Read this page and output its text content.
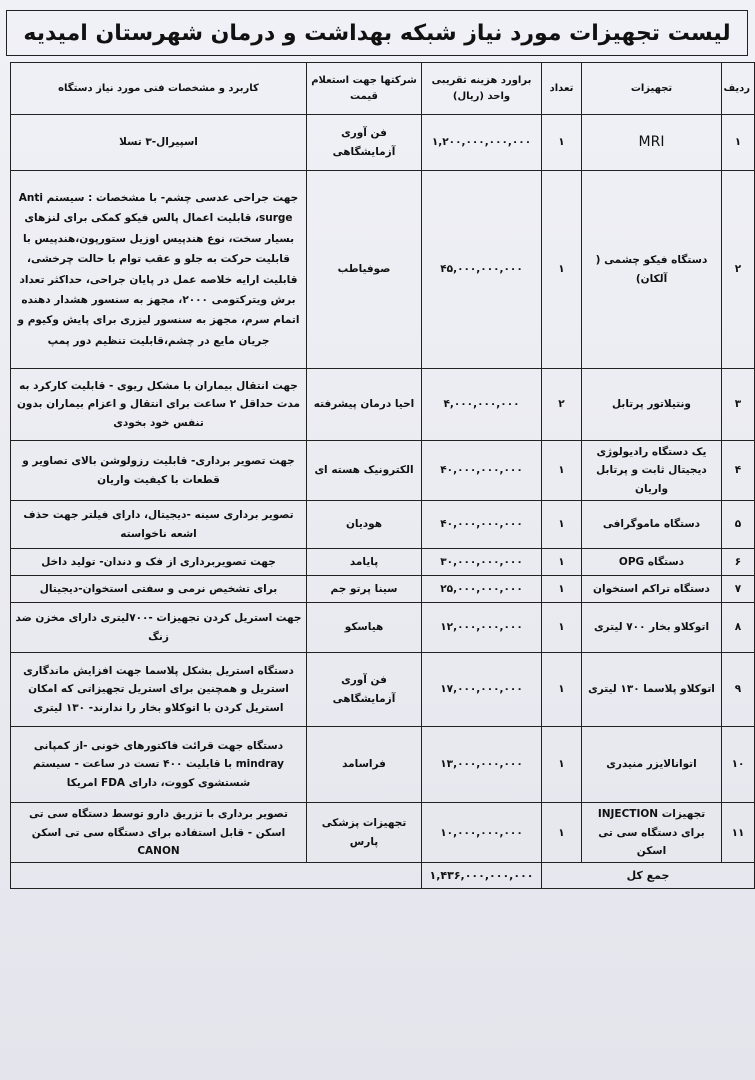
لیست تجهیزات مورد نیاز شبکه بهداشت و درمان شهرستان امیدیه
ردیف	تجهیزات	تعداد	براورد هزینه تقریبی واحد (ریال)	شرکتها جهت استعلام قیمت	کاربرد و مشخصات فنی مورد نیاز دستگاه
۱	MRI	۱	۱,۲۰۰,۰۰۰,۰۰۰,۰۰۰	فن آوری آزمایشگاهی	اسپیرال-۳ تسلا
۲	دستگاه فیکو چشمی ( آلکان)	۱	۴۵,۰۰۰,۰۰۰,۰۰۰	صوفیاطب	جهت جراحی عدسی چشم- با مشخصات : سیستم Anti surge، قابلیت اعمال پالس فیکو کمکی برای لنزهای بسیار سخت، نوع هندپیس اوزیل ستورپون،هندپیس با قابلیت حرکت به جلو و عقب توام با حالت چرخشی، قابلیت ارایه خلاصه عمل در پایان جراحی، حداکثر تعداد برش ویترکتومی ۲۰۰۰، مجهز به سنسور هشدار دهنده اتمام سرم، مجهز به سنسور لیزری برای پایش وکیوم و جریان مایع در چشم،قابلیت تنظیم دور پمپ
۳	ونتیلاتور پرتابل	۲	۴,۰۰۰,۰۰۰,۰۰۰	احیا درمان پیشرفته	جهت انتقال بیماران با مشکل ریوی - قابلیت کارکرد به مدت حداقل ۲ ساعت برای انتقال و اعزام بیماران بدون تنفس خود بخودی
۴	یک دستگاه رادیولوژی دیجیتال ثابت و پرتابل واریان	۱	۴۰,۰۰۰,۰۰۰,۰۰۰	الکترونیک هسته ای	جهت تصویر برداری- قابلیت رزولوشن بالای تصاویر و قطعات با کیفیت واریان
۵	دستگاه ماموگرافی	۱	۴۰,۰۰۰,۰۰۰,۰۰۰	هودیان	تصویر برداری سینه -دیجیتال، دارای فیلتر جهت حذف اشعه ناخواسته
۶	دستگاه OPG	۱	۳۰,۰۰۰,۰۰۰,۰۰۰	پایامد	جهت تصویربرداری از فک و دندان- تولید داخل
۷	دستگاه تراکم استخوان	۱	۲۵,۰۰۰,۰۰۰,۰۰۰	سینا پرتو جم	برای تشخیص نرمی و سفتی استخوان-دیجیتال
۸	اتوکلاو بخار ۷۰۰ لیتری	۱	۱۲,۰۰۰,۰۰۰,۰۰۰	هیاسکو	جهت استریل کردن تجهیزات -۷۰۰لیتری دارای مخزن ضد زنگ
۹	اتوکلاو پلاسما ۱۳۰ لیتری	۱	۱۷,۰۰۰,۰۰۰,۰۰۰	فن آوری آزمایشگاهی	دستگاه استریل بشکل پلاسما جهت افزایش ماندگاری استریل و همچنین برای استریل تجهیزاتی که امکان استریل کردن با اتوکلاو بخار را ندارند- ۱۳۰ لیتری
۱۰	اتوانالایزر منیدری	۱	۱۳,۰۰۰,۰۰۰,۰۰۰	فراسامد	دستگاه جهت قرائت فاکتورهای خونی -از کمپانی mindray با قابلیت ۴۰۰ تست در ساعت - سیستم شستشوی کووت، دارای FDA امریکا
۱۱	تجهیزات INJECTION برای دستگاه سی تی اسکن	۱	۱۰,۰۰۰,۰۰۰,۰۰۰	تجهیزات پزشکی پارس	تصویر برداری با تزریق دارو توسط دستگاه سی تی اسکن - قابل استفاده برای دستگاه سی تی اسکن CANON
جمع کل			۱,۴۳۶,۰۰۰,۰۰۰,۰۰۰		
